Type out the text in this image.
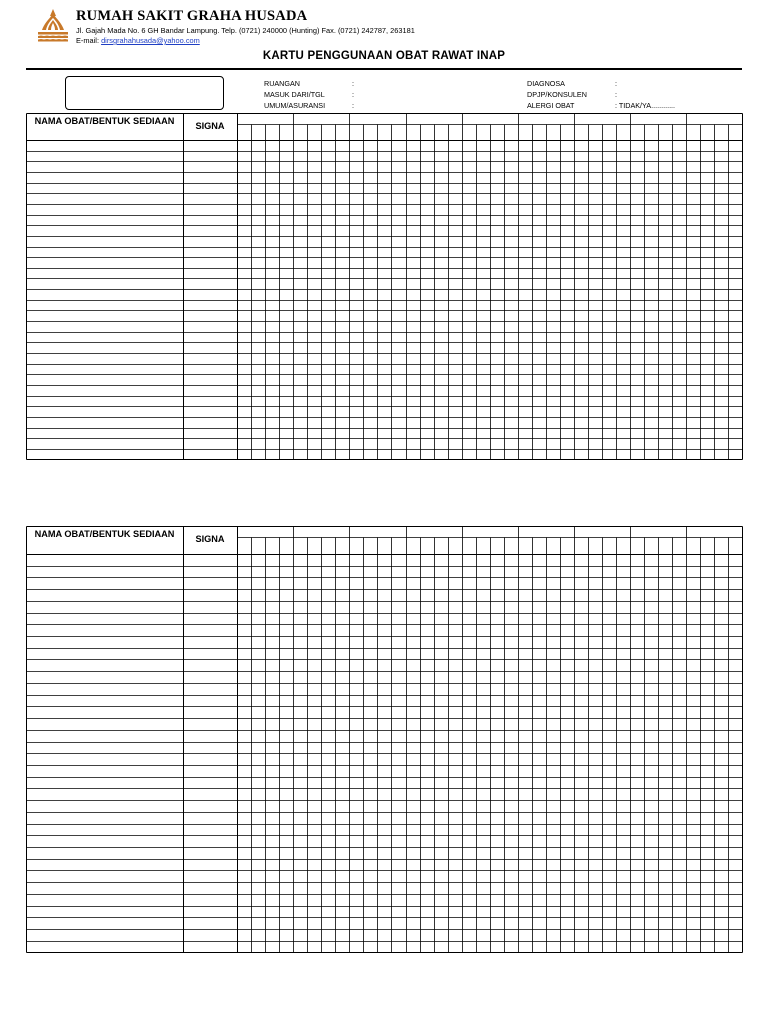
RUMAH SAKIT GRAHA HUSADA
Jl. Gajah Mada No. 6 GH Bandar Lampung. Telp. (0721) 240000 (Hunting) Fax. (0721) 242787, 263181
E-mail: dirsgrahahusada@yahoo.com
KARTU PENGGUNAAN OBAT RAWAT INAP
RUANGAN	:
MASUK DARI/TGL	:
UMUM/ASURANSI	:
DIAGNOSA	:
DPJP/KONSULEN	:
ALERGI OBAT	: TIDAK/YA............
NAMA OBAT/BENTUK SEDIAAN	SIGNA
NAMA OBAT/BENTUK SEDIAAN	SIGNA
